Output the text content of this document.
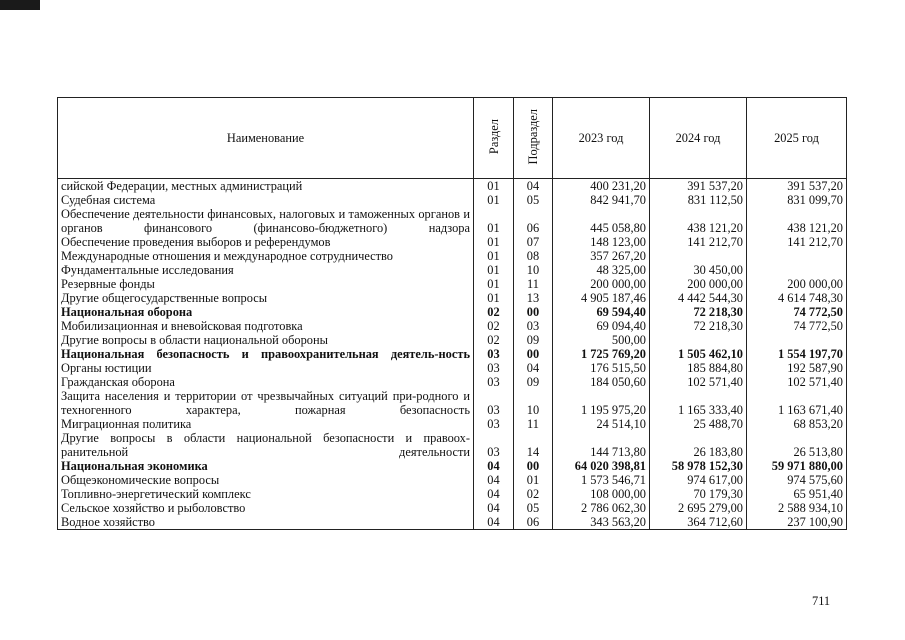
Наименование	Раздел	Подраздел	2023 год	2024 год	2025 год
сийской Федерации, местных администраций	01	04	400 231,20	391 537,20	391 537,20
Судебная система	01	05	842 941,70	831 112,50	831 099,70
Обеспечение деятельности финансовых, налоговых и таможенных органов и органов финансового (финансово-бюджетного) надзора	01	06	445 058,80	438 121,20	438 121,20
Обеспечение проведения выборов и референдумов	01	07	148 123,00	141 212,70	141 212,70
Международные отношения и международное сотрудничество	01	08	357 267,20		
Фундаментальные исследования	01	10	48 325,00	30 450,00	
Резервные фонды	01	11	200 000,00	200 000,00	200 000,00
Другие общегосударственные вопросы	01	13	4 905 187,46	4 442 544,30	4 614 748,30
Национальная оборона	02	00	69 594,40	72 218,30	74 772,50
Мобилизационная и вневойсковая подготовка	02	03	69 094,40	72 218,30	74 772,50
Другие вопросы в области национальной обороны	02	09	500,00		
Национальная безопасность и правоохранительная деятель-ность	03	00	1 725 769,20	1 505 462,10	1 554 197,70
Органы юстиции	03	04	176 515,50	185 884,80	192 587,90
Гражданская оборона	03	09	184 050,60	102 571,40	102 571,40
Защита населения и территории от чрезвычайных ситуаций при-родного и техногенного характера, пожарная безопасность	03	10	1 195 975,20	1 165 333,40	1 163 671,40
Миграционная политика	03	11	24 514,10	25 488,70	68 853,20
Другие вопросы в области национальной безопасности и правоох-ранительной деятельности	03	14	144 713,80	26 183,80	26 513,80
Национальная экономика	04	00	64 020 398,81	58 978 152,30	59 971 880,00
Общеэкономические вопросы	04	01	1 573 546,71	974 617,00	974 575,60
Топливно-энергетический комплекс	04	02	108 000,00	70 179,30	65 951,40
Сельское хозяйство и рыболовство	04	05	2 786 062,30	2 695 279,00	2 588 934,10
Водное хозяйство	04	06	343 563,20	364 712,60	237 100,90
711
